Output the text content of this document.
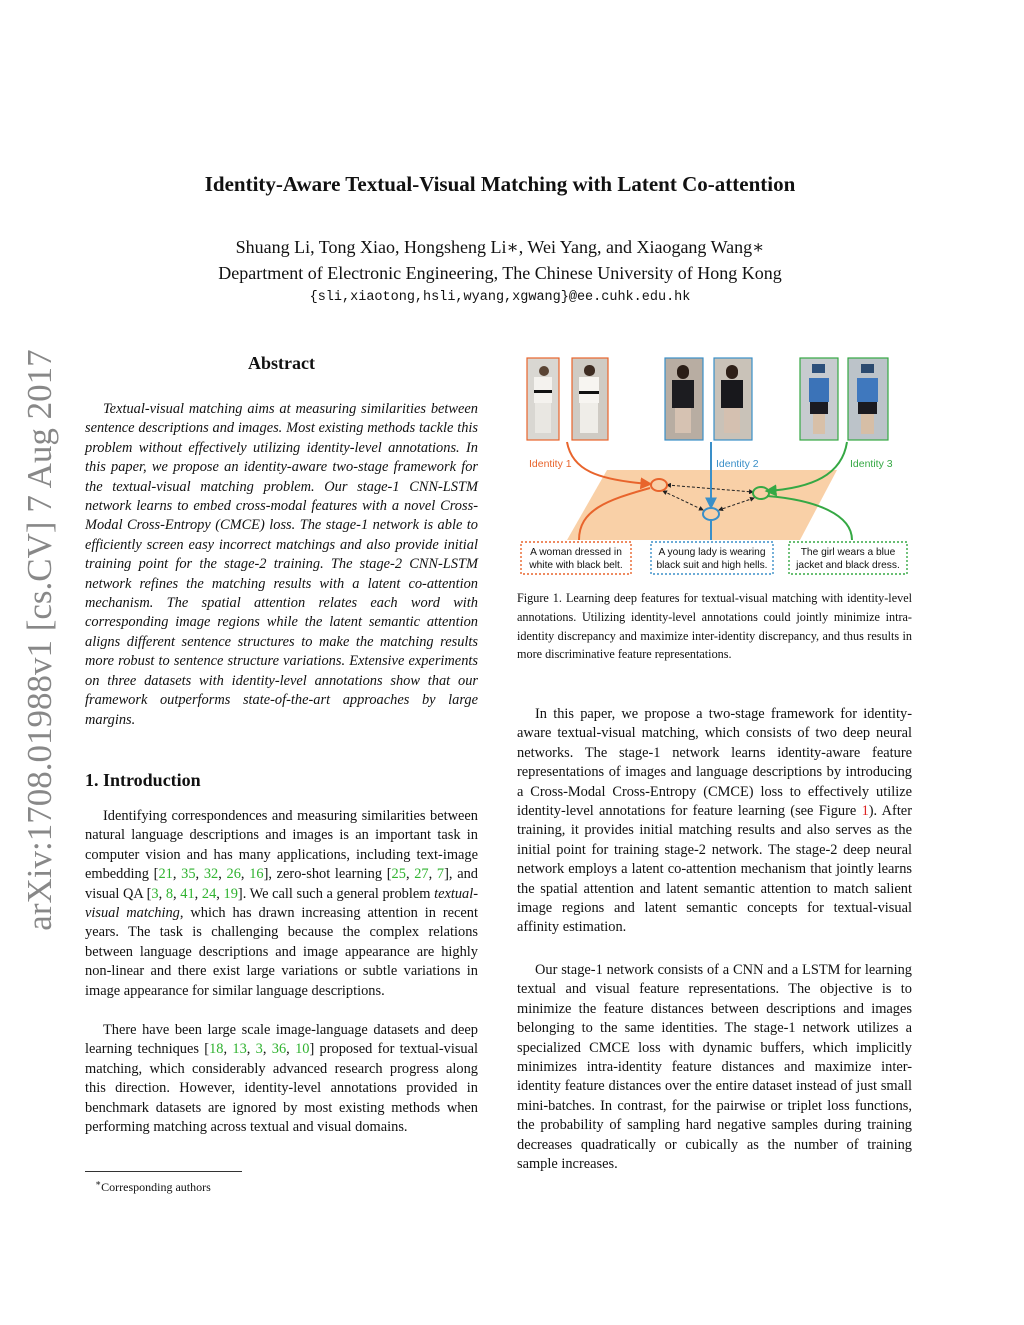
Identity-Aware Textual-Visual Matching with Latent Co-attention
Shuang Li, Tong Xiao, Hongsheng Li∗, Wei Yang, and Xiaogang Wang∗
Department of Electronic Engineering, The Chinese University of Hong Kong
{sli,xiaotong,hsli,wyang,xgwang}@ee.cuhk.edu.hk
arXiv:1708.01988v1 [cs.CV] 7 Aug 2017	Abstract

Textual-visual matching aims at measuring similarities between sentence descriptions and images. Most existing methods tackle this problem without effectively utilizing identity-level annotations. In this paper, we propose an identity-aware two-stage framework for the textual-visual matching problem. Our stage-1 CNN-LSTM network learns to embed cross-modal features with a novel Cross-Modal Cross-Entropy (CMCE) loss. The stage-1 network is able to efficiently screen easy incorrect matchings and also provide initial training point for the stage-2 training. The stage-2 CNN-LSTM network refines the matching results with a latent co-attention mechanism. The spatial attention relates each word with corresponding image regions while the latent semantic attention aligns different sentence structures to make the matching results more robust to sentence structure variations. Extensive experiments on three datasets with identity-level annotations show that our framework outperforms state-of-the-art approaches by large margins.

1. Introduction

Identifying correspondences and measuring similarities between natural language descriptions and images is an important task in computer vision and has many applications, including text-image embedding [21, 35, 32, 26, 16], zero-shot learning [25, 27, 7], and visual QA [3, 8, 41, 24, 19]. We call such a general problem textual-visual matching, which has drawn increasing attention in recent years. The task is challenging because the complex relations between language descriptions and image appearance are highly non-linear and there exist large variations or subtle variations in image appearance for similar language descriptions.

There have been large scale image-language datasets and deep learning techniques [18, 13, 3, 36, 10] proposed for textual-visual matching, which considerably advanced research progress along this direction. However, identity-level annotations provided in benchmark datasets are ignored by most existing methods when performing matching across textual and visual domains.

∗Corresponding authors
Identity 1	Identity 2	Identity 3
A woman dressed in
white with black belt.
A young lady is wearing
black suit and high hells.
The girl wears a blue
jacket and black dress.

Figure 1. Learning deep features for textual-visual matching with identity-level annotations. Utilizing identity-level annotations could jointly minimize intra-identity discrepancy and maximize inter-identity discrepancy, and thus results in more discriminative feature representations.

In this paper, we propose a two-stage framework for identity-aware textual-visual matching, which consists of two deep neural networks. The stage-1 network learns identity-aware feature representations of images and language descriptions by introducing a Cross-Modal Cross-Entropy (CMCE) loss to effectively utilize identity-level annotations for feature learning (see Figure 1). After training, it provides initial matching results and also serves as the initial point for training stage-2 network. The stage-2 deep neural network employs a latent co-attention mechanism that jointly learns the spatial attention and latent semantic attention to match salient image regions and latent semantic concepts for textual-visual affinity estimation.

Our stage-1 network consists of a CNN and a LSTM for learning textual and visual feature representations. The objective is to minimize the feature distances between descriptions and images belonging to the same identities. The stage-1 network utilizes a specialized CMCE loss with dynamic buffers, which implicitly minimizes intra-identity feature distances and maximize inter-identity feature distances over the entire dataset instead of just small mini-batches. In contrast, for the pairwise or triplet loss functions, the probability of sampling hard negative samples during training decreases quadratically or cubically as the number of training sample increases.
